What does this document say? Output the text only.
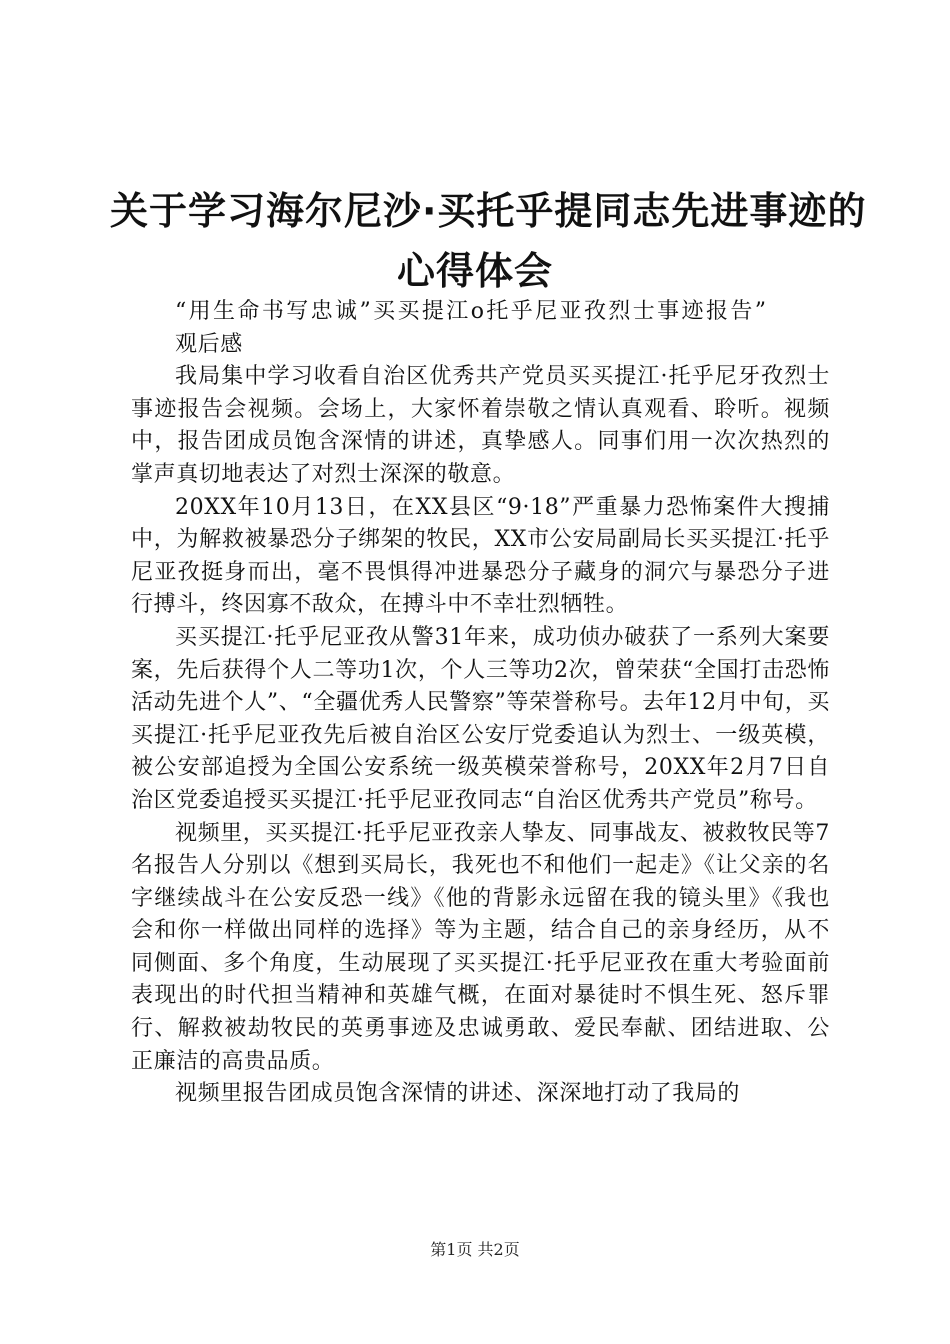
关于学习海尔尼沙·买托乎提同志先进事迹的
心得体会

“用生命书写忠诚”买买提江ο托乎尼亚孜烈士事迹报告”

观后感

我局集中学习收看自治区优秀共产党员买买提江·托乎尼牙孜烈士事迹报告会视频。会场上，大家怀着崇敬之情认真观看、聆听。视频中，报告团成员饱含深情的讲述，真挚感人。同事们用一次次热烈的掌声真切地表达了对烈士深深的敬意。

20XX年10月13日，在XX县区“9·18”严重暴力恐怖案件大搜捕中，为解救被暴恐分子绑架的牧民，XX市公安局副局长买买提江·托乎尼亚孜挺身而出，毫不畏惧得冲进暴恐分子藏身的洞穴与暴恐分子进行搏斗，终因寡不敌众，在搏斗中不幸壮烈牺牲。

买买提江·托乎尼亚孜从警31年来，成功侦办破获了一系列大案要案，先后获得个人二等功1次，个人三等功2次，曾荣获“全国打击恐怖活动先进个人”、“全疆优秀人民警察”等荣誉称号。去年12月中旬，买买提江·托乎尼亚孜先后被自治区公安厅党委追认为烈士、一级英模，被公安部追授为全国公安系统一级英模荣誉称号，20XX年2月7日自治区党委追授买买提江·托乎尼亚孜同志“自治区优秀共产党员”称号。

视频里，买买提江·托乎尼亚孜亲人挚友、同事战友、被救牧民等7名报告人分别以《想到买局长，我死也不和他们一起走》《让父亲的名字继续战斗在公安反恐一线》《他的背影永远留在我的镜头里》《我也会和你一样做出同样的选择》等为主题，结合自己的亲身经历，从不同侧面、多个角度，生动展现了买买提江·托乎尼亚孜在重大考验面前表现出的时代担当精神和英雄气概，在面对暴徒时不惧生死、怒斥罪行、解救被劫牧民的英勇事迹及忠诚勇敢、爱民奉献、团结进取、公正廉洁的高贵品质。

视频里报告团成员饱含深情的讲述、深深地打动了我局的

第1页 共2页
